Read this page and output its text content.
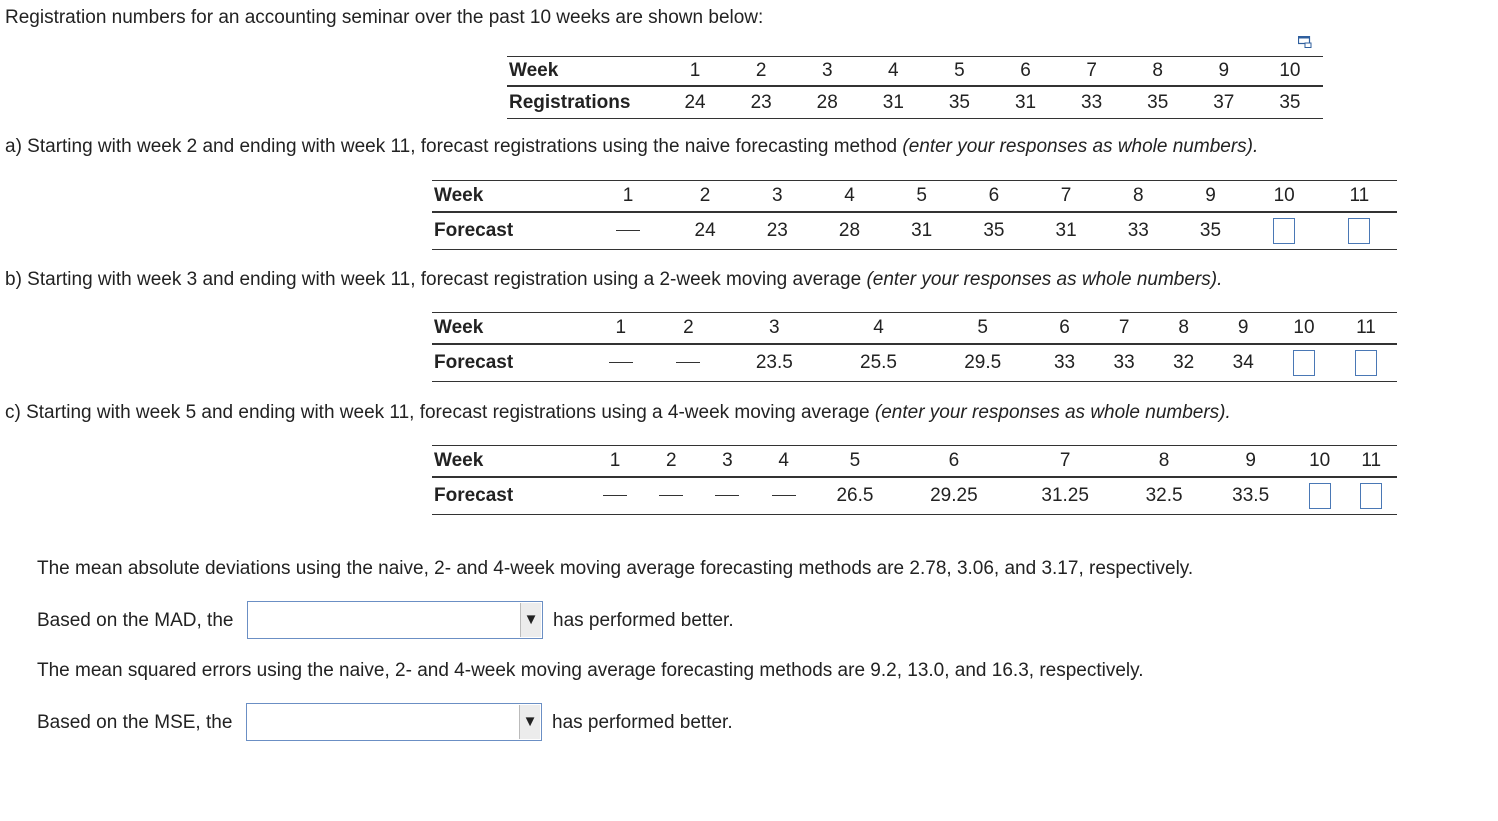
Registration numbers for an accounting seminar over the past 10 weeks are shown below:
Week	1	2	3	4	5	6	7	8	9	10
Registrations	24	23	28	31	35	31	33	35	37	35
a) Starting with week 2 and ending with week 11, forecast registrations using the naive forecasting method (enter your responses as whole numbers).
Week	1	2	3	4	5	6	7	8	9	10	11
Forecast		24	23	28	31	35	31	33	35		
b) Starting with week 3 and ending with week 11, forecast registration using a 2-week moving average (enter your responses as whole numbers).
Week	1	2	3	4	5	6	7	8	9	10	11
Forecast			23.5	25.5	29.5	33	33	32	34		
c) Starting with week 5 and ending with week 11, forecast registrations using a 4-week moving average (enter your responses as whole numbers).
Week	1	2	3	4	5	6	7	8	9	10	11
Forecast					26.5	29.25	31.25	32.5	33.5		
The mean absolute deviations using the naive, 2- and 4-week moving average forecasting methods are 2.78, 3.06, and 3.17, respectively.
Based on the MAD, the	▼ has performed better.
The mean squared errors using the naive, 2- and 4-week moving average forecasting methods are 9.2, 13.0, and 16.3, respectively.
Based on the MSE, the	▼ has performed better.
